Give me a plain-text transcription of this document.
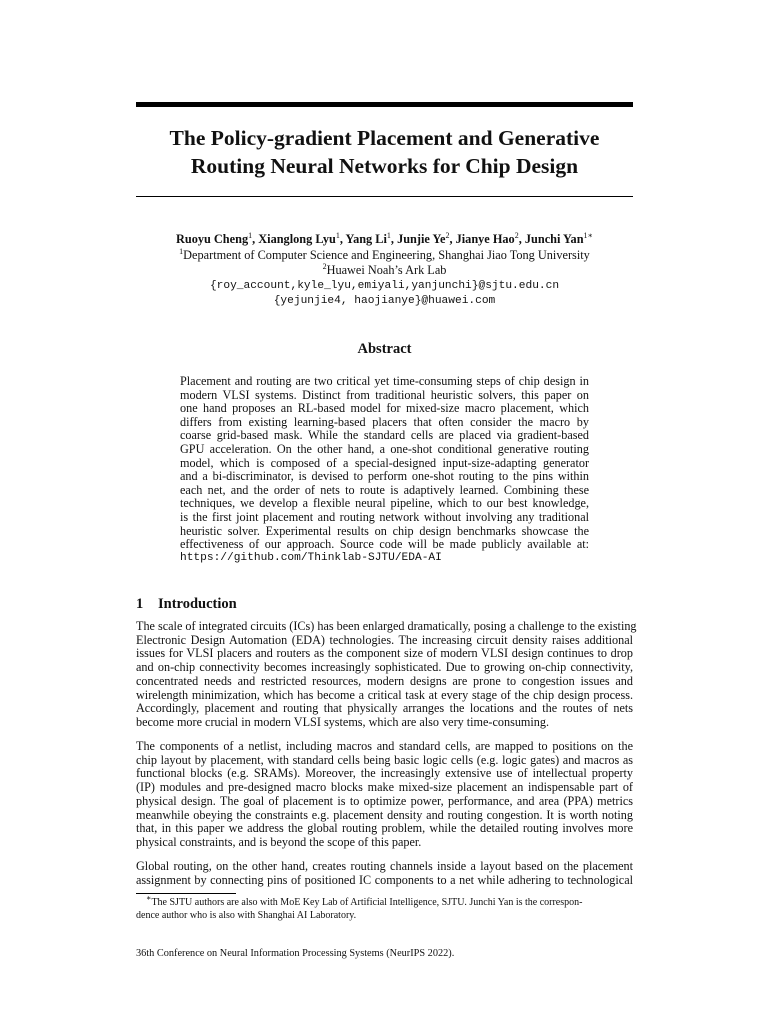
The Policy-gradient Placement and Generative
Routing Neural Networks for Chip Design
Ruoyu Cheng$^1$, Xianglong Lyu$^1$, Yang Li$^1$, Junjie Ye$^2$, Jianye Hao$^2$, Junchi Yan$^{1∗}$
$^1$Department of Computer Science and Engineering, Shanghai Jiao Tong University
$^2$Huawei Noah’s Ark Lab
{roy_account,kyle_lyu,emiyali,yanjunchi}@sjtu.edu.cn
{yejunjie4, haojianye}@huawei.com
Abstract
Placement and routing are two critical yet time-consuming steps of chip design in
modern VLSI systems. Distinct from traditional heuristic solvers, this paper on
one hand proposes an RL-based model for mixed-size macro placement, which
differs from existing learning-based placers that often consider the macro by
coarse grid-based mask. While the standard cells are placed via gradient-based
GPU acceleration. On the other hand, a one-shot conditional generative routing
model, which is composed of a special-designed input-size-adapting generator
and a bi-discriminator, is devised to perform one-shot routing to the pins within
each net, and the order of nets to route is adaptively learned. Combining these
techniques, we develop a flexible neural pipeline, which to our best knowledge,
is the first joint placement and routing network without involving any traditional
heuristic solver. Experimental results on chip design benchmarks showcase the
effectiveness of our approach. Source code will be made publicly available at:
https://github.com/Thinklab-SJTU/EDA-AI
1 Introduction
The scale of integrated circuits (ICs) has been enlarged dramatically, posing a challenge to the existing
Electronic Design Automation (EDA) technologies. The increasing circuit density raises additional
issues for VLSI placers and routers as the component size of modern VLSI design continues to drop
and on-chip connectivity becomes increasingly sophisticated. Due to growing on-chip connectivity,
concentrated needs and restricted resources, modern designs are prone to congestion issues and
wirelength minimization, which has become a critical task at every stage of the chip design process.
Accordingly, placement and routing that physically arranges the locations and the routes of nets
become more crucial in modern VLSI systems, which are also very time-consuming.
The components of a netlist, including macros and standard cells, are mapped to positions on the
chip layout by placement, with standard cells being basic logic cells (e.g. logic gates) and macros as
functional blocks (e.g. SRAMs). Moreover, the increasingly extensive use of intellectual property
(IP) modules and pre-designed macro blocks make mixed-size placement an indispensable part of
physical design. The goal of placement is to optimize power, performance, and area (PPA) metrics
meanwhile obeying the constraints e.g. placement density and routing congestion. It is worth noting
that, in this paper we address the global routing problem, while the detailed routing involves more
physical constraints, and is beyond the scope of this paper.
Global routing, on the other hand, creates routing channels inside a layout based on the placement
assignment by connecting pins of positioned IC components to a net while adhering to technological
∗The SJTU authors are also with MoE Key Lab of Artificial Intelligence, SJTU. Junchi Yan is the correspon-
dence author who is also with Shanghai AI Laboratory.
36th Conference on Neural Information Processing Systems (NeurIPS 2022).
